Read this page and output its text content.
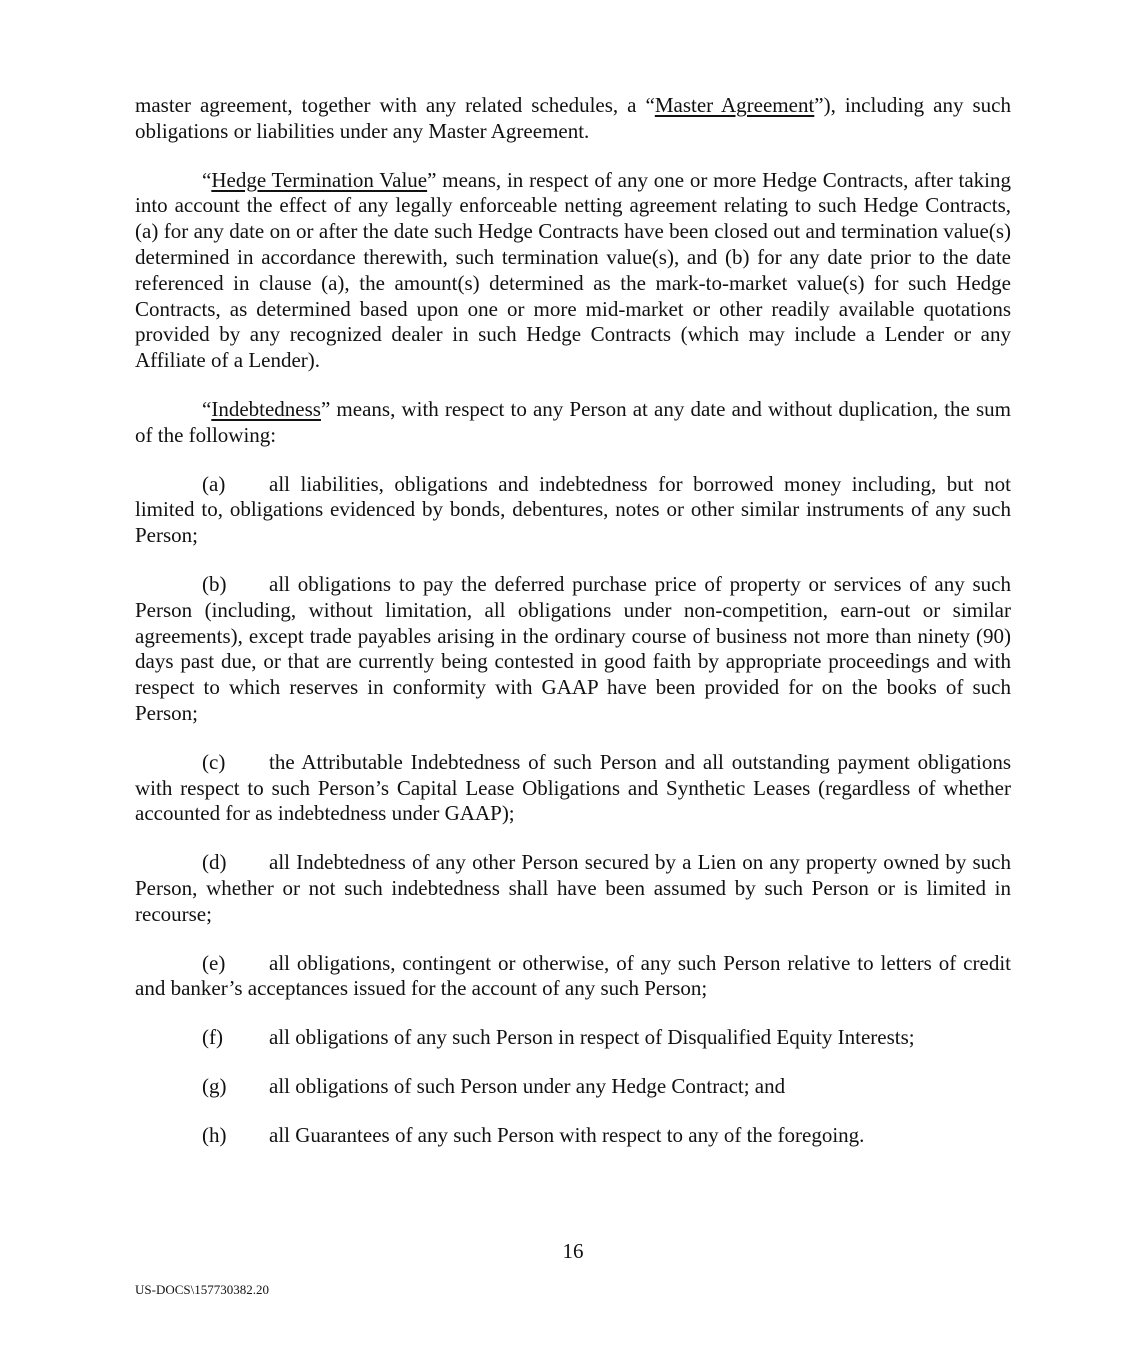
master agreement, together with any related schedules, a “Master Agreement”), including any such obligations or liabilities under any Master Agreement.

“Hedge Termination Value” means, in respect of any one or more Hedge Contracts, after taking into account the effect of any legally enforceable netting agreement relating to such Hedge Contracts, (a) for any date on or after the date such Hedge Contracts have been closed out and termination value(s) determined in accordance therewith, such termination value(s), and (b) for any date prior to the date referenced in clause (a), the amount(s) determined as the mark-to-market value(s) for such Hedge Contracts, as determined based upon one or more mid-market or other readily available quotations provided by any recognized dealer in such Hedge Contracts (which may include a Lender or any Affiliate of a Lender).

“Indebtedness” means, with respect to any Person at any date and without duplication, the sum of the following:

(a) all liabilities, obligations and indebtedness for borrowed money including, but not limited to, obligations evidenced by bonds, debentures, notes or other similar instruments of any such Person;

(b) all obligations to pay the deferred purchase price of property or services of any such Person (including, without limitation, all obligations under non-competition, earn-out or similar agreements), except trade payables arising in the ordinary course of business not more than ninety (90) days past due, or that are currently being contested in good faith by appropriate proceedings and with respect to which reserves in conformity with GAAP have been provided for on the books of such Person;

(c) the Attributable Indebtedness of such Person and all outstanding payment obligations with respect to such Person’s Capital Lease Obligations and Synthetic Leases (regardless of whether accounted for as indebtedness under GAAP);

(d) all Indebtedness of any other Person secured by a Lien on any property owned by such Person, whether or not such indebtedness shall have been assumed by such Person or is limited in recourse;

(e) all obligations, contingent or otherwise, of any such Person relative to letters of credit and banker’s acceptances issued for the account of any such Person;

(f) all obligations of any such Person in respect of Disqualified Equity Interests;

(g) all obligations of such Person under any Hedge Contract; and

(h) all Guarantees of any such Person with respect to any of the foregoing.

16
US-DOCS\157730382.20
